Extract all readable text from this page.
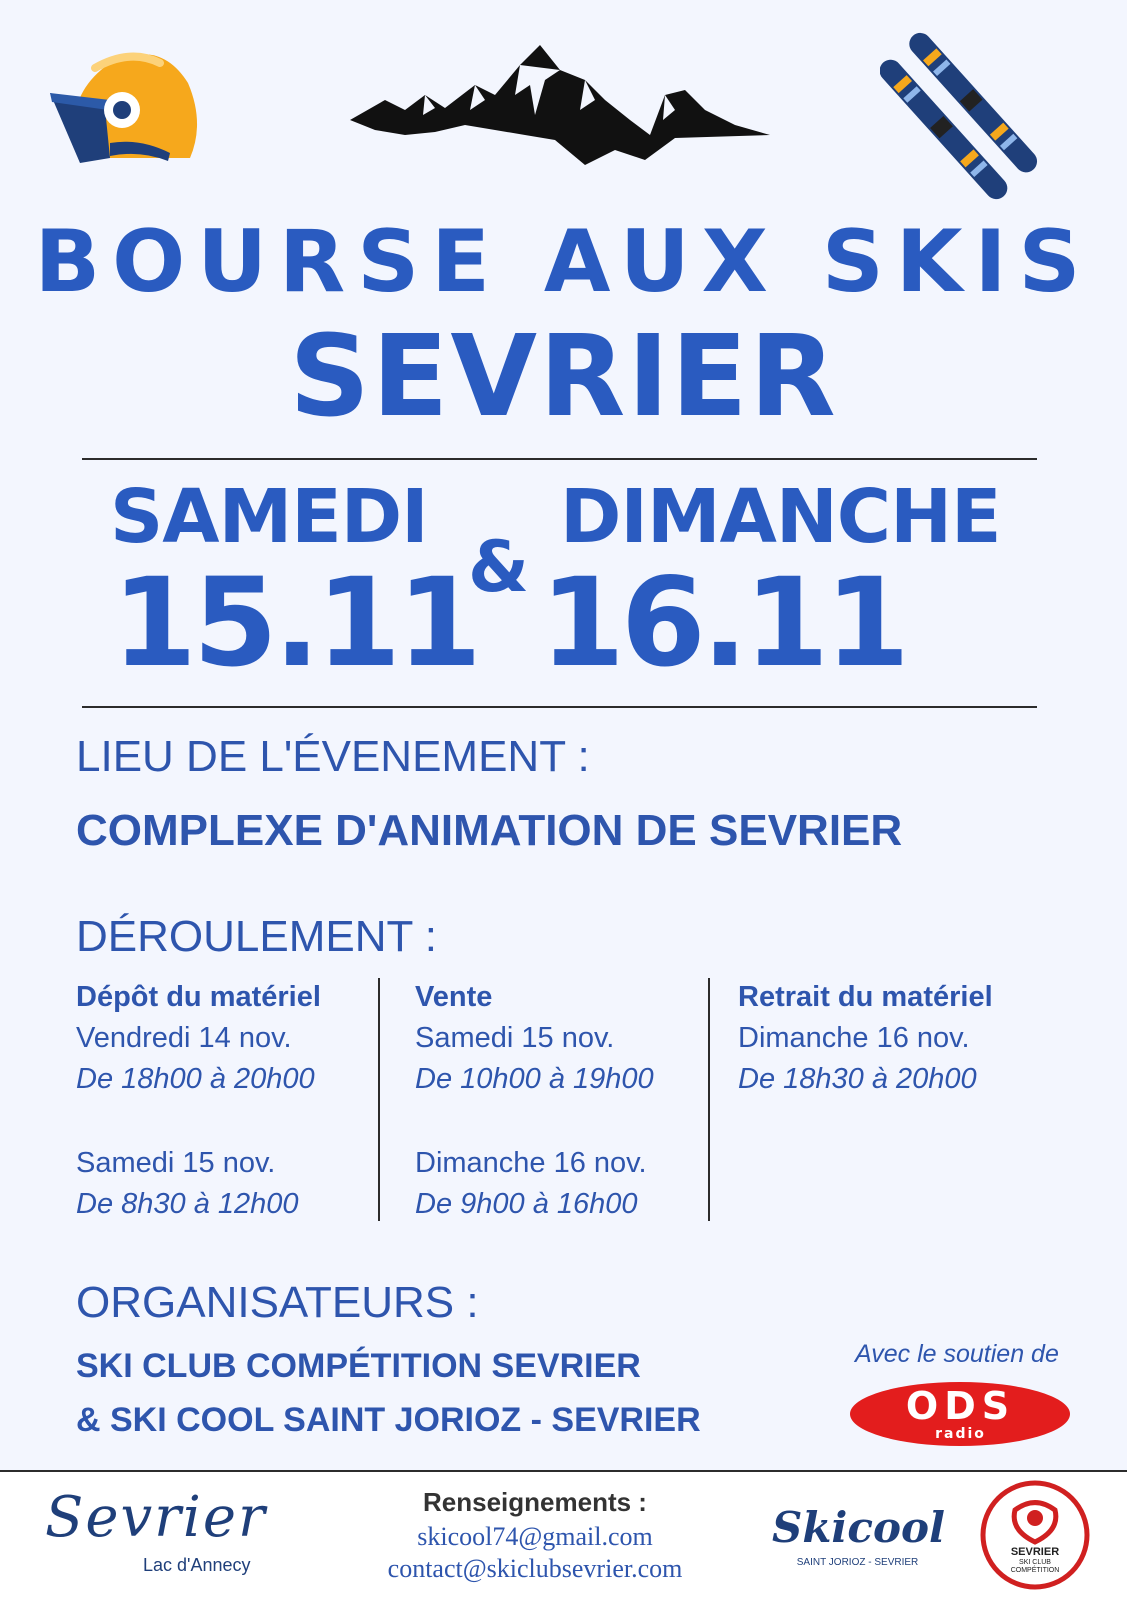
BOURSE AUX SKIS
SEVRIER
SAMEDI
15.11
&
DIMANCHE
16.11
LIEU DE L'ÉVENEMENT :
COMPLEXE D'ANIMATION DE SEVRIER
DÉROULEMENT :
Dépôt du matériel
Vendredi 14 nov.
De 18h00 à 20h00
Samedi 15 nov.
De 8h30 à 12h00
Vente
Samedi 15 nov.
De 10h00 à 19h00
Dimanche 16 nov.
De 9h00 à 16h00
Retrait du matériel
Dimanche 16 nov.
De 18h30 à 20h00
ORGANISATEURS :
SKI CLUB COMPÉTITION SEVRIER
& SKI COOL SAINT JORIOZ - SEVRIER
Avec le soutien de
ODS
radio
Sevrier
Lac d'Annecy
Renseignements :
skicool74@gmail.com
contact@skiclubsevrier.com
Skicool
SAINT JORIOZ - SEVRIER
SEVRIER
SKI CLUB
COMPÉTITION
